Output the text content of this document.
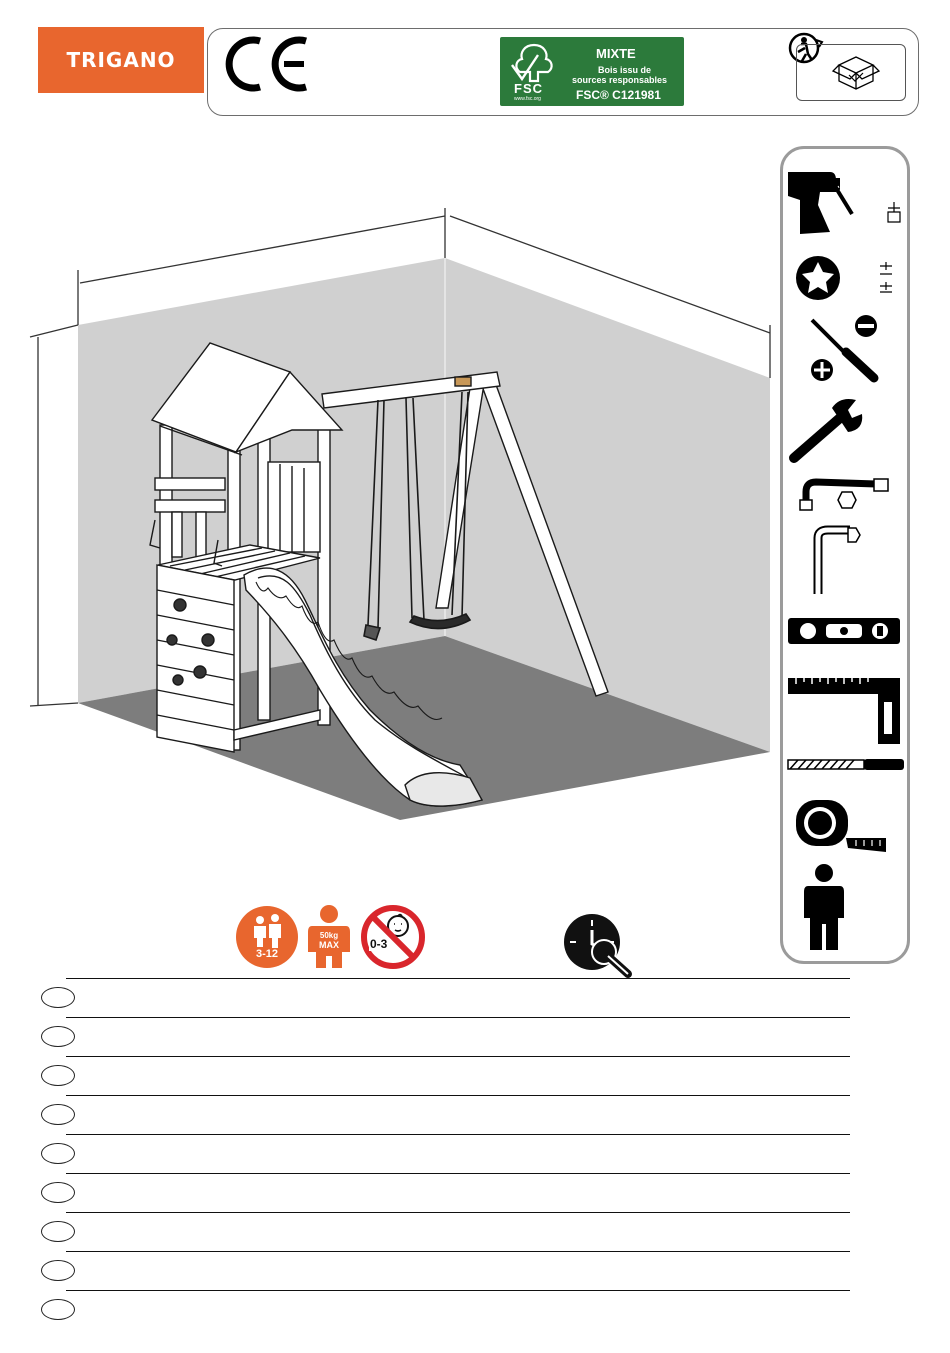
TRIGANO
FSC
www.fsc.org
MIXTE
Bois issu de
sources responsables
FSC® C121981
3-12
50kg
MAX	0-3
